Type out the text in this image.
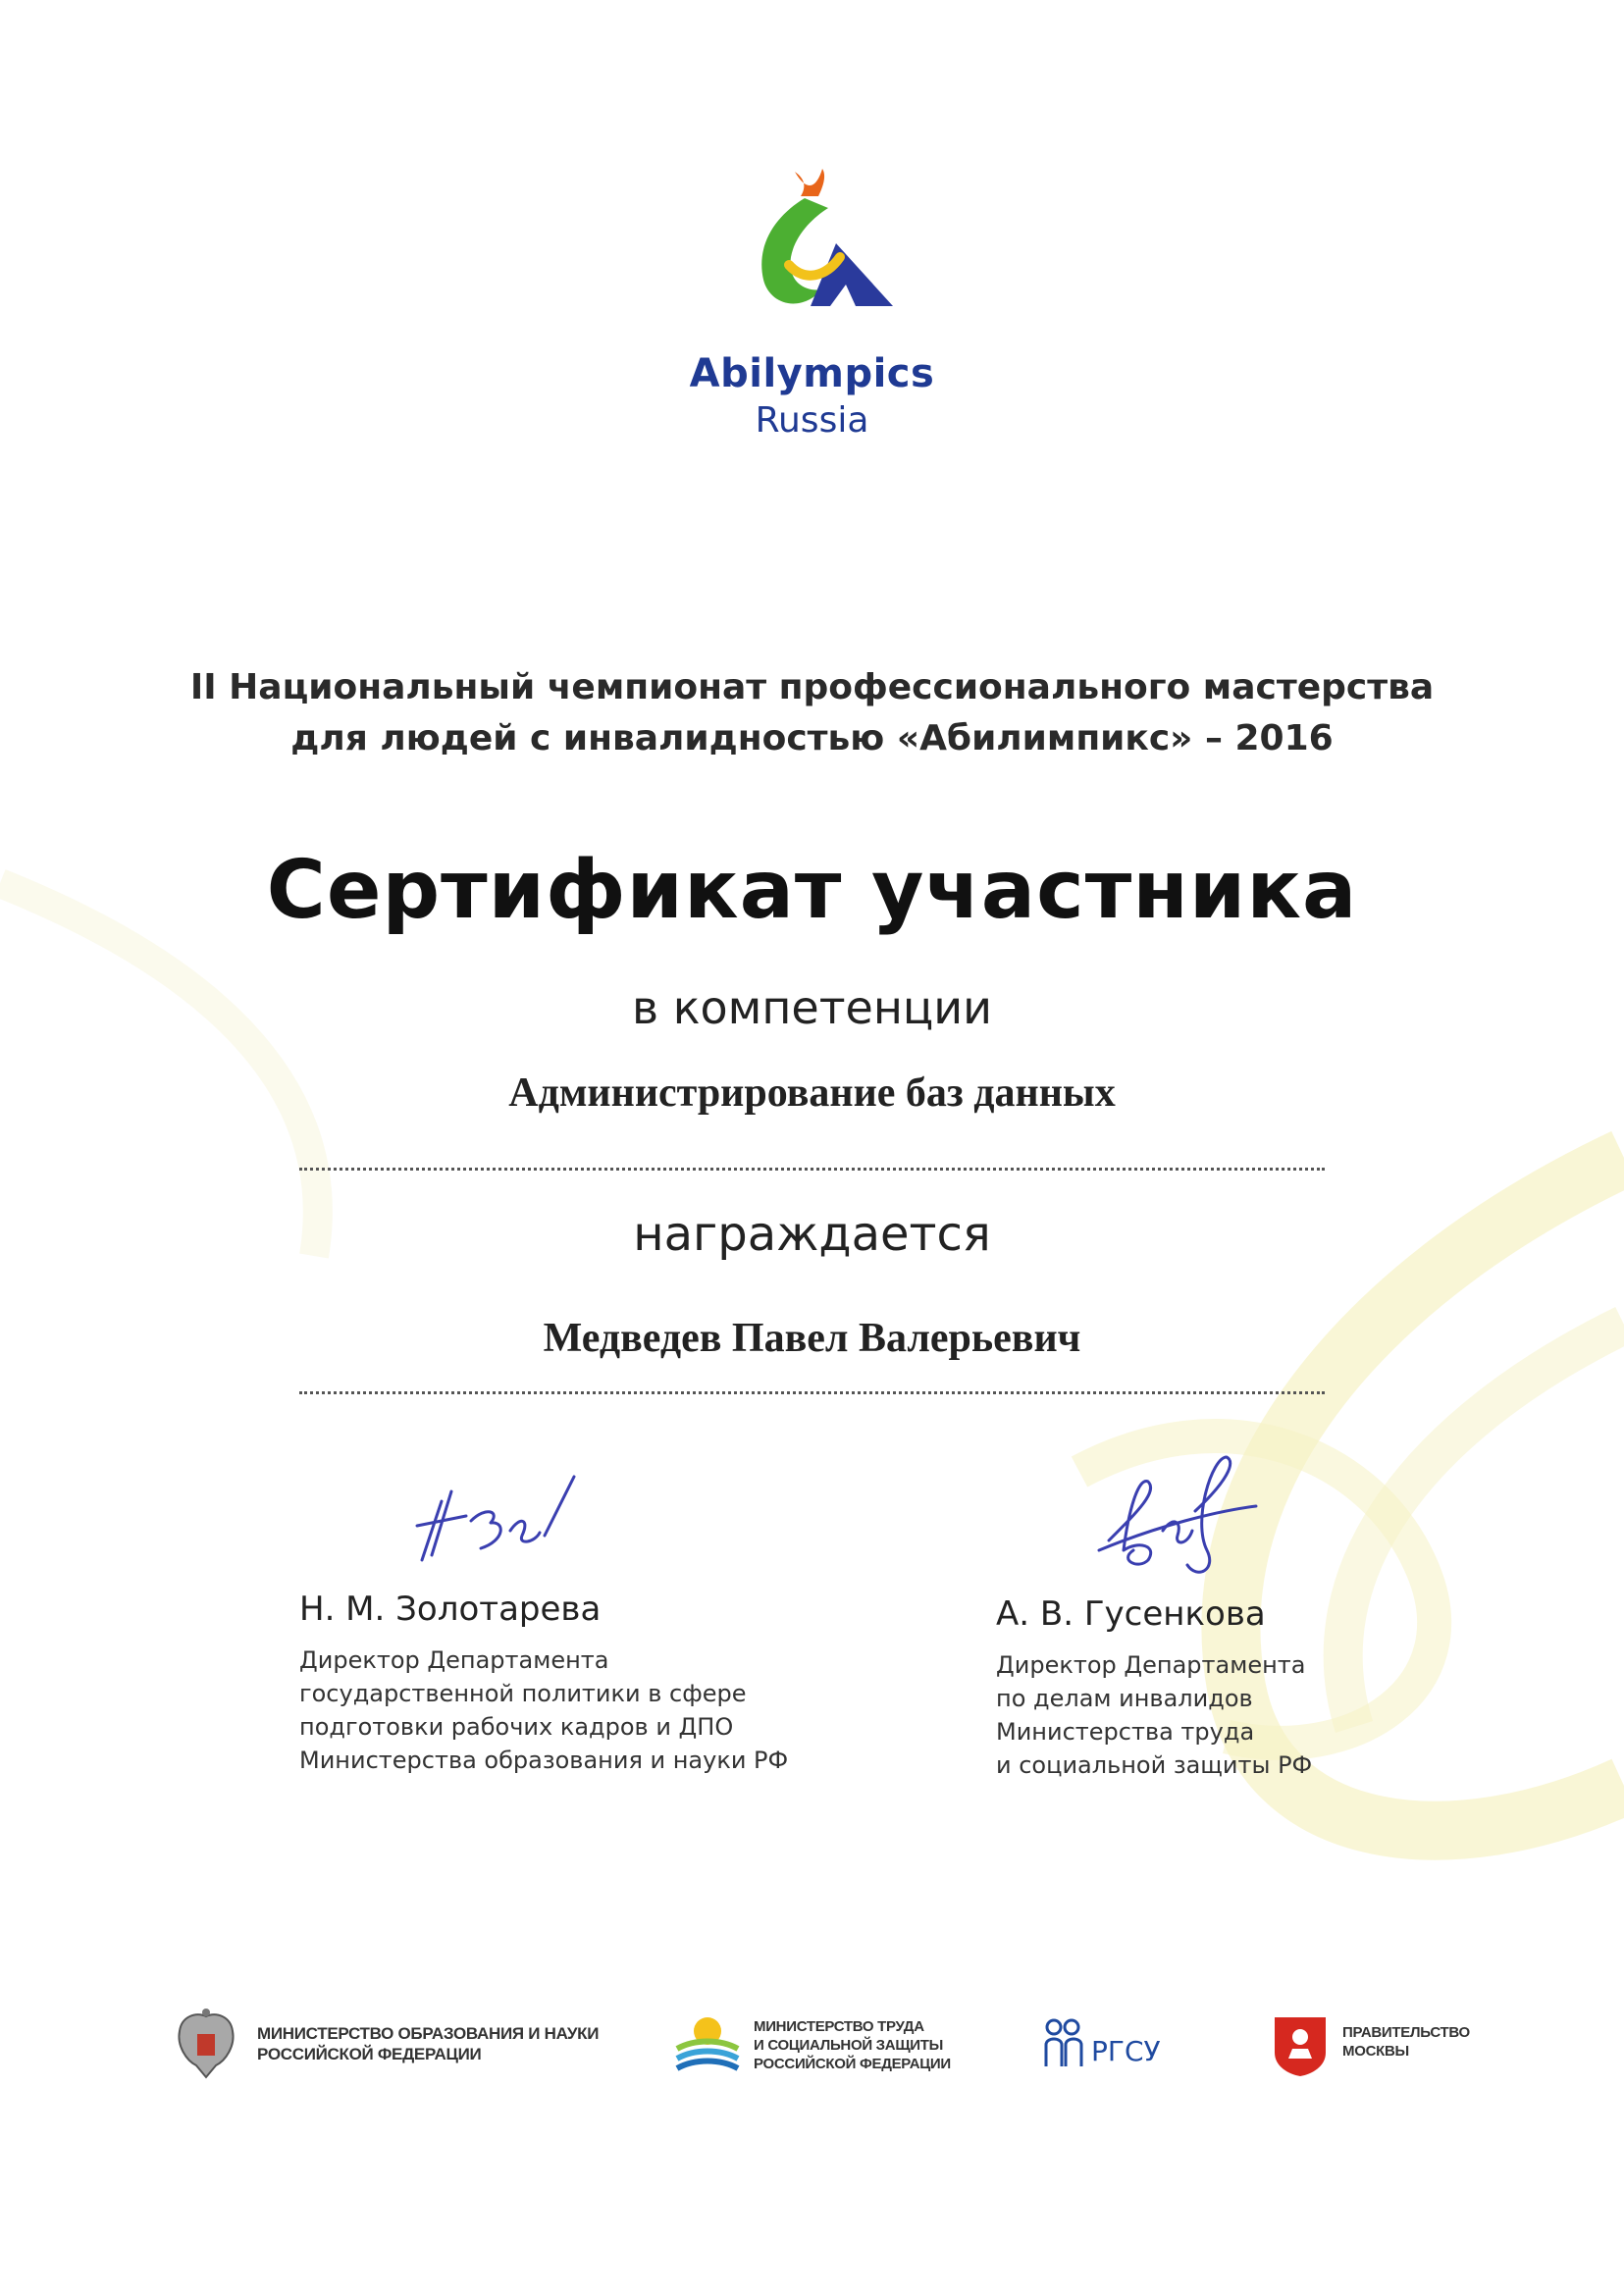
Abilympics
Russia
II Национальный чемпионат профессионального мастерства
для людей с инвалидностью «Абилимпикс» – 2016
Сертификат участника
в компетенции
Администрирование баз данных
награждается
Медведев Павел Валерьевич
Н. М. Золотарева
Директор Департамента
государственной политики в сфере
подготовки рабочих кадров и ДПО
Министерства образования и науки РФ
А. В. Гусенкова
Директор Департамента
по делам инвалидов
Министерства труда
и социальной защиты РФ
МИНИСТЕРСТВО ОБРАЗОВАНИЯ И НАУКИ
РОССИЙСКОЙ ФЕДЕРАЦИИ
МИНИСТЕРСТВО ТРУДА
И СОЦИАЛЬНОЙ ЗАЩИТЫ
РОССИЙСКОЙ ФЕДЕРАЦИИ	РГСУ
ПРАВИТЕЛЬСТВО
МОСКВЫ
